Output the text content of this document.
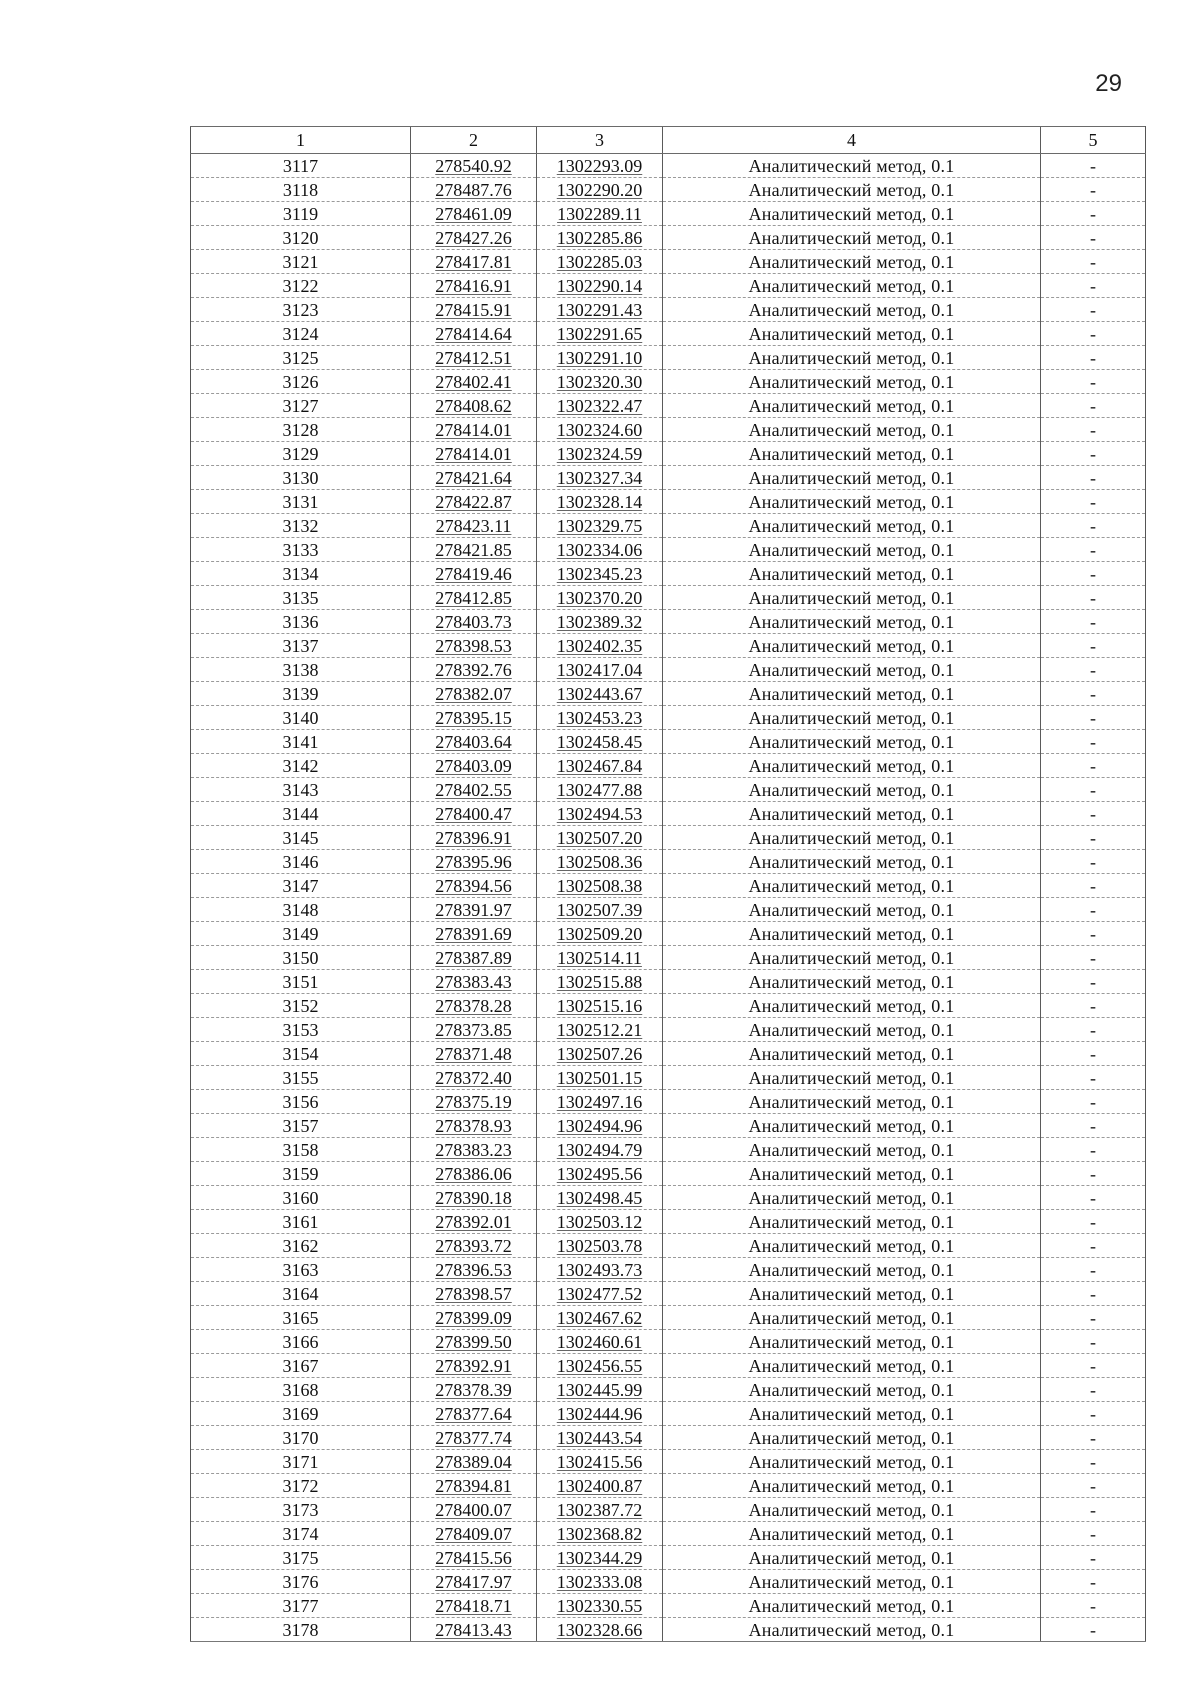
29
1	2	3	4	5
3117	278540.92	1302293.09	Аналитический метод, 0.1	-
3118	278487.76	1302290.20	Аналитический метод, 0.1	-
3119	278461.09	1302289.11	Аналитический метод, 0.1	-
3120	278427.26	1302285.86	Аналитический метод, 0.1	-
3121	278417.81	1302285.03	Аналитический метод, 0.1	-
3122	278416.91	1302290.14	Аналитический метод, 0.1	-
3123	278415.91	1302291.43	Аналитический метод, 0.1	-
3124	278414.64	1302291.65	Аналитический метод, 0.1	-
3125	278412.51	1302291.10	Аналитический метод, 0.1	-
3126	278402.41	1302320.30	Аналитический метод, 0.1	-
3127	278408.62	1302322.47	Аналитический метод, 0.1	-
3128	278414.01	1302324.60	Аналитический метод, 0.1	-
3129	278414.01	1302324.59	Аналитический метод, 0.1	-
3130	278421.64	1302327.34	Аналитический метод, 0.1	-
3131	278422.87	1302328.14	Аналитический метод, 0.1	-
3132	278423.11	1302329.75	Аналитический метод, 0.1	-
3133	278421.85	1302334.06	Аналитический метод, 0.1	-
3134	278419.46	1302345.23	Аналитический метод, 0.1	-
3135	278412.85	1302370.20	Аналитический метод, 0.1	-
3136	278403.73	1302389.32	Аналитический метод, 0.1	-
3137	278398.53	1302402.35	Аналитический метод, 0.1	-
3138	278392.76	1302417.04	Аналитический метод, 0.1	-
3139	278382.07	1302443.67	Аналитический метод, 0.1	-
3140	278395.15	1302453.23	Аналитический метод, 0.1	-
3141	278403.64	1302458.45	Аналитический метод, 0.1	-
3142	278403.09	1302467.84	Аналитический метод, 0.1	-
3143	278402.55	1302477.88	Аналитический метод, 0.1	-
3144	278400.47	1302494.53	Аналитический метод, 0.1	-
3145	278396.91	1302507.20	Аналитический метод, 0.1	-
3146	278395.96	1302508.36	Аналитический метод, 0.1	-
3147	278394.56	1302508.38	Аналитический метод, 0.1	-
3148	278391.97	1302507.39	Аналитический метод, 0.1	-
3149	278391.69	1302509.20	Аналитический метод, 0.1	-
3150	278387.89	1302514.11	Аналитический метод, 0.1	-
3151	278383.43	1302515.88	Аналитический метод, 0.1	-
3152	278378.28	1302515.16	Аналитический метод, 0.1	-
3153	278373.85	1302512.21	Аналитический метод, 0.1	-
3154	278371.48	1302507.26	Аналитический метод, 0.1	-
3155	278372.40	1302501.15	Аналитический метод, 0.1	-
3156	278375.19	1302497.16	Аналитический метод, 0.1	-
3157	278378.93	1302494.96	Аналитический метод, 0.1	-
3158	278383.23	1302494.79	Аналитический метод, 0.1	-
3159	278386.06	1302495.56	Аналитический метод, 0.1	-
3160	278390.18	1302498.45	Аналитический метод, 0.1	-
3161	278392.01	1302503.12	Аналитический метод, 0.1	-
3162	278393.72	1302503.78	Аналитический метод, 0.1	-
3163	278396.53	1302493.73	Аналитический метод, 0.1	-
3164	278398.57	1302477.52	Аналитический метод, 0.1	-
3165	278399.09	1302467.62	Аналитический метод, 0.1	-
3166	278399.50	1302460.61	Аналитический метод, 0.1	-
3167	278392.91	1302456.55	Аналитический метод, 0.1	-
3168	278378.39	1302445.99	Аналитический метод, 0.1	-
3169	278377.64	1302444.96	Аналитический метод, 0.1	-
3170	278377.74	1302443.54	Аналитический метод, 0.1	-
3171	278389.04	1302415.56	Аналитический метод, 0.1	-
3172	278394.81	1302400.87	Аналитический метод, 0.1	-
3173	278400.07	1302387.72	Аналитический метод, 0.1	-
3174	278409.07	1302368.82	Аналитический метод, 0.1	-
3175	278415.56	1302344.29	Аналитический метод, 0.1	-
3176	278417.97	1302333.08	Аналитический метод, 0.1	-
3177	278418.71	1302330.55	Аналитический метод, 0.1	-
3178	278413.43	1302328.66	Аналитический метод, 0.1	-
